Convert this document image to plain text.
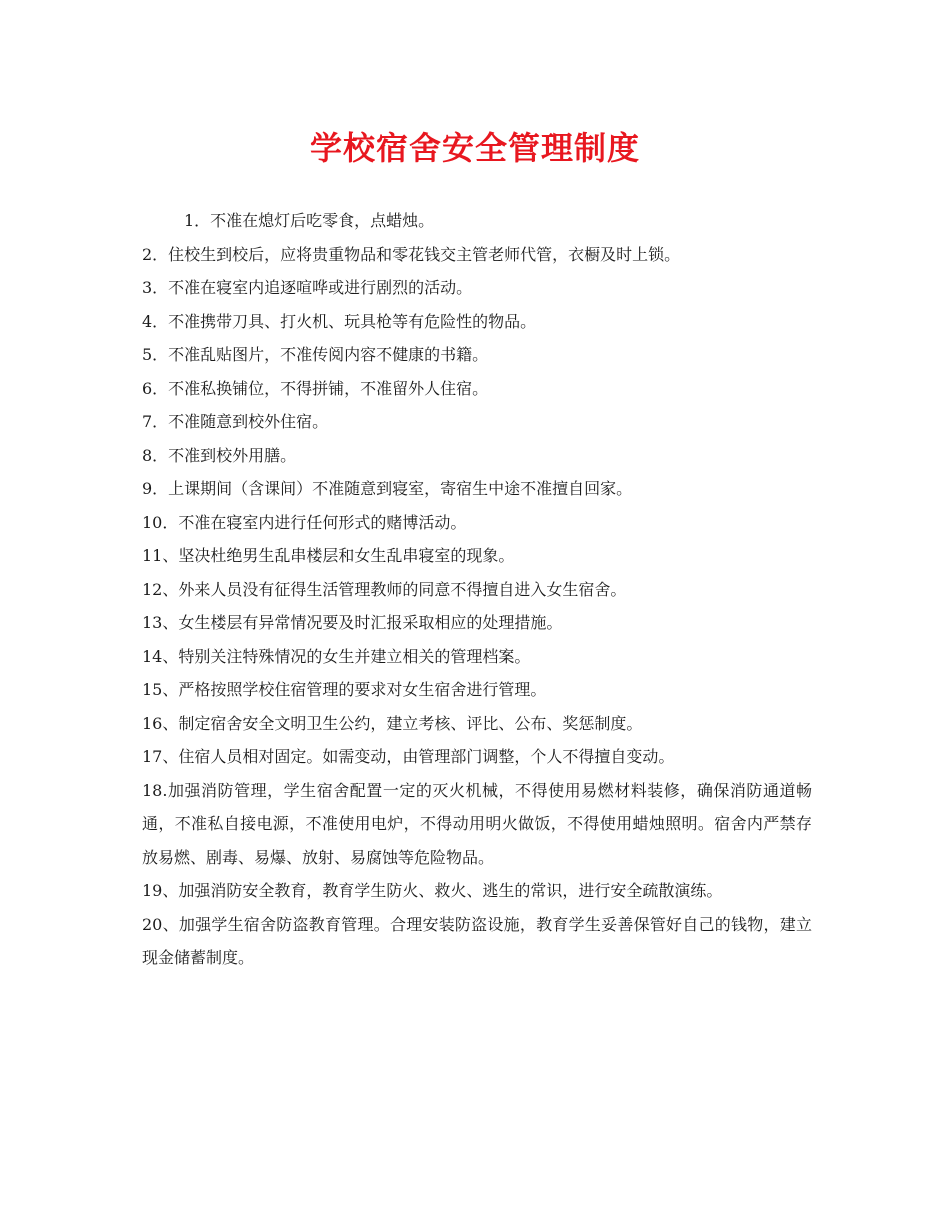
学校宿舍安全管理制度
1．不准在熄灯后吃零食，点蜡烛。
2．住校生到校后，应将贵重物品和零花钱交主管老师代管，衣橱及时上锁。
3．不准在寝室内追逐喧哗或进行剧烈的活动。
4．不准携带刀具、打火机、玩具枪等有危险性的物品。
5．不准乱贴图片，不准传阅内容不健康的书籍。
6．不准私换铺位，不得拼铺，不准留外人住宿。
7．不准随意到校外住宿。
8．不准到校外用膳。
9．上课期间（含课间）不准随意到寝室，寄宿生中途不准擅自回家。
10．不准在寝室内进行任何形式的赌博活动。
11、坚决杜绝男生乱串楼层和女生乱串寝室的现象。
12、外来人员没有征得生活管理教师的同意不得擅自进入女生宿舍。
13、女生楼层有异常情况要及时汇报采取相应的处理措施。
14、特别关注特殊情况的女生并建立相关的管理档案。
15、严格按照学校住宿管理的要求对女生宿舍进行管理。
16、制定宿舍安全文明卫生公约，建立考核、评比、公布、奖惩制度。
17、住宿人员相对固定。如需变动，由管理部门调整，个人不得擅自变动。
18.加强消防管理，学生宿舍配置一定的灭火机械，不得使用易燃材料装修，确保消防通道畅通，不准私自接电源，不准使用电炉，不得动用明火做饭，不得使用蜡烛照明。宿舍内严禁存放易燃、剧毒、易爆、放射、易腐蚀等危险物品。
19、加强消防安全教育，教育学生防火、救火、逃生的常识，进行安全疏散演练。
20、加强学生宿舍防盗教育管理。合理安装防盗设施，教育学生妥善保管好自己的钱物，建立现金储蓄制度。
